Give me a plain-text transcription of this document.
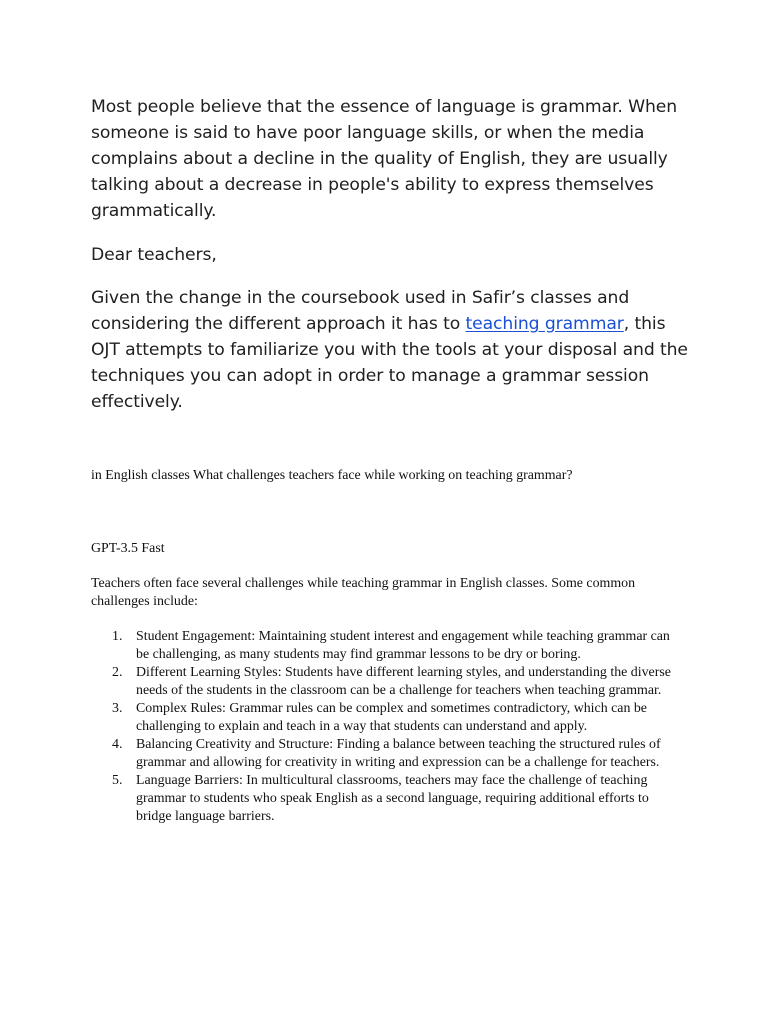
Most people believe that the essence of language is grammar. When someone is said to have poor language skills, or when the media complains about a decline in the quality of English, they are usually talking about a decrease in people's ability to express themselves grammatically.

Dear teachers,

Given the change in the coursebook used in Safir’s classes and considering the different approach it has to teaching grammar, this OJT attempts to familiarize you with the tools at your disposal and the techniques you can adopt in order to manage a grammar session effectively.

in English classes What challenges teachers face while working on teaching grammar?

GPT-3.5 Fast

Teachers often face several challenges while teaching grammar in English classes. Some common challenges include:

1. Student Engagement: Maintaining student interest and engagement while teaching grammar can be challenging, as many students may find grammar lessons to be dry or boring.
2. Different Learning Styles: Students have different learning styles, and understanding the diverse needs of the students in the classroom can be a challenge for teachers when teaching grammar.
3. Complex Rules: Grammar rules can be complex and sometimes contradictory, which can be challenging to explain and teach in a way that students can understand and apply.
4. Balancing Creativity and Structure: Finding a balance between teaching the structured rules of grammar and allowing for creativity in writing and expression can be a challenge for teachers.
5. Language Barriers: In multicultural classrooms, teachers may face the challenge of teaching grammar to students who speak English as a second language, requiring additional efforts to bridge language barriers.
